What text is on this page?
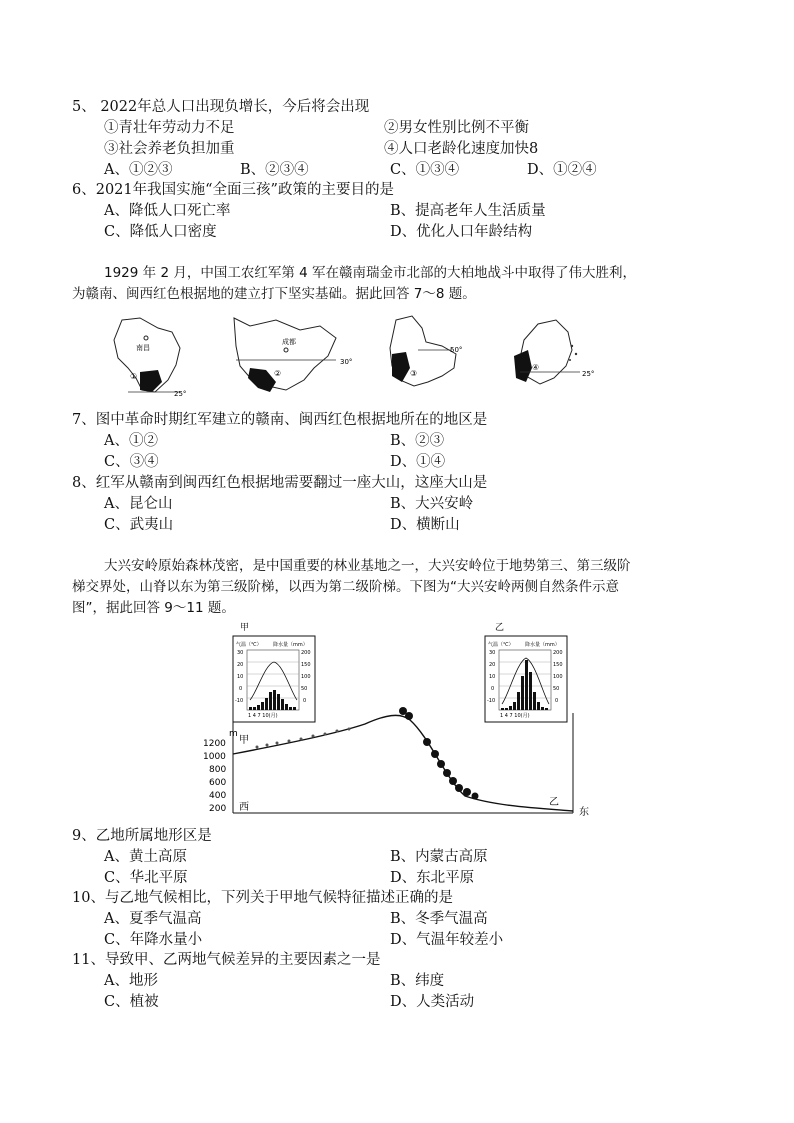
5、 2022年总人口出现负增长，今后将会出现
①青壮年劳动力不足	②男女性别比例不平衡
③社会养老负担加重	④人口老龄化速度加快8
A、①②③	B、②③④	C、①③④	D、①②④
6、2021年我国实施“全面三孩”政策的主要目的是
A、降低人口死亡率	B、提高老年人生活质量
C、降低人口密度	D、优化人口年龄结构
1929 年 2 月，中国工农红军第 4 军在赣南瑞金市北部的大柏地战斗中取得了伟大胜利，
为赣南、闽西红色根据地的建立打下坚实基础。据此回答 7～8 题。
南昌
①
25°
成都
②
30°
50°
③
④
25°
7、图中革命时期红军建立的赣南、闽西红色根据地所在的地区是
A、①②	B、②③
C、③④	D、①④
8、红军从赣南到闽西红色根据地需要翻过一座大山，这座大山是
A、昆仑山	B、大兴安岭
C、武夷山	D、横断山
大兴安岭原始森林茂密，是中国重要的林业基地之一，大兴安岭位于地势第三、第三级阶
梯交界处，山脊以东为第三级阶梯，以西为第二级阶梯。下图为“大兴安岭两侧自然条件示意
图”，据此回答 9～11 题。
m
1200
1000
800
600
400
200
甲
西	乙
东
甲
气温（℃） 降水量（mm）
30
20
10
0
-10
200
150
100
50
0
1 4 7 10(月)
乙
气温（℃） 降水量（mm）
30
20
10
0
-10
200
150
100
50
0
1 4 7 10(月)
9、乙地所属地形区是
A、黄土高原	B、内蒙古高原
C、华北平原	D、东北平原
10、与乙地气候相比，下列关于甲地气候特征描述正确的是
A、夏季气温高	B、冬季气温高
C、年降水量小	D、气温年较差小
11、导致甲、乙两地气候差异的主要因素之一是
A、地形	B、纬度
C、植被	D、人类活动
